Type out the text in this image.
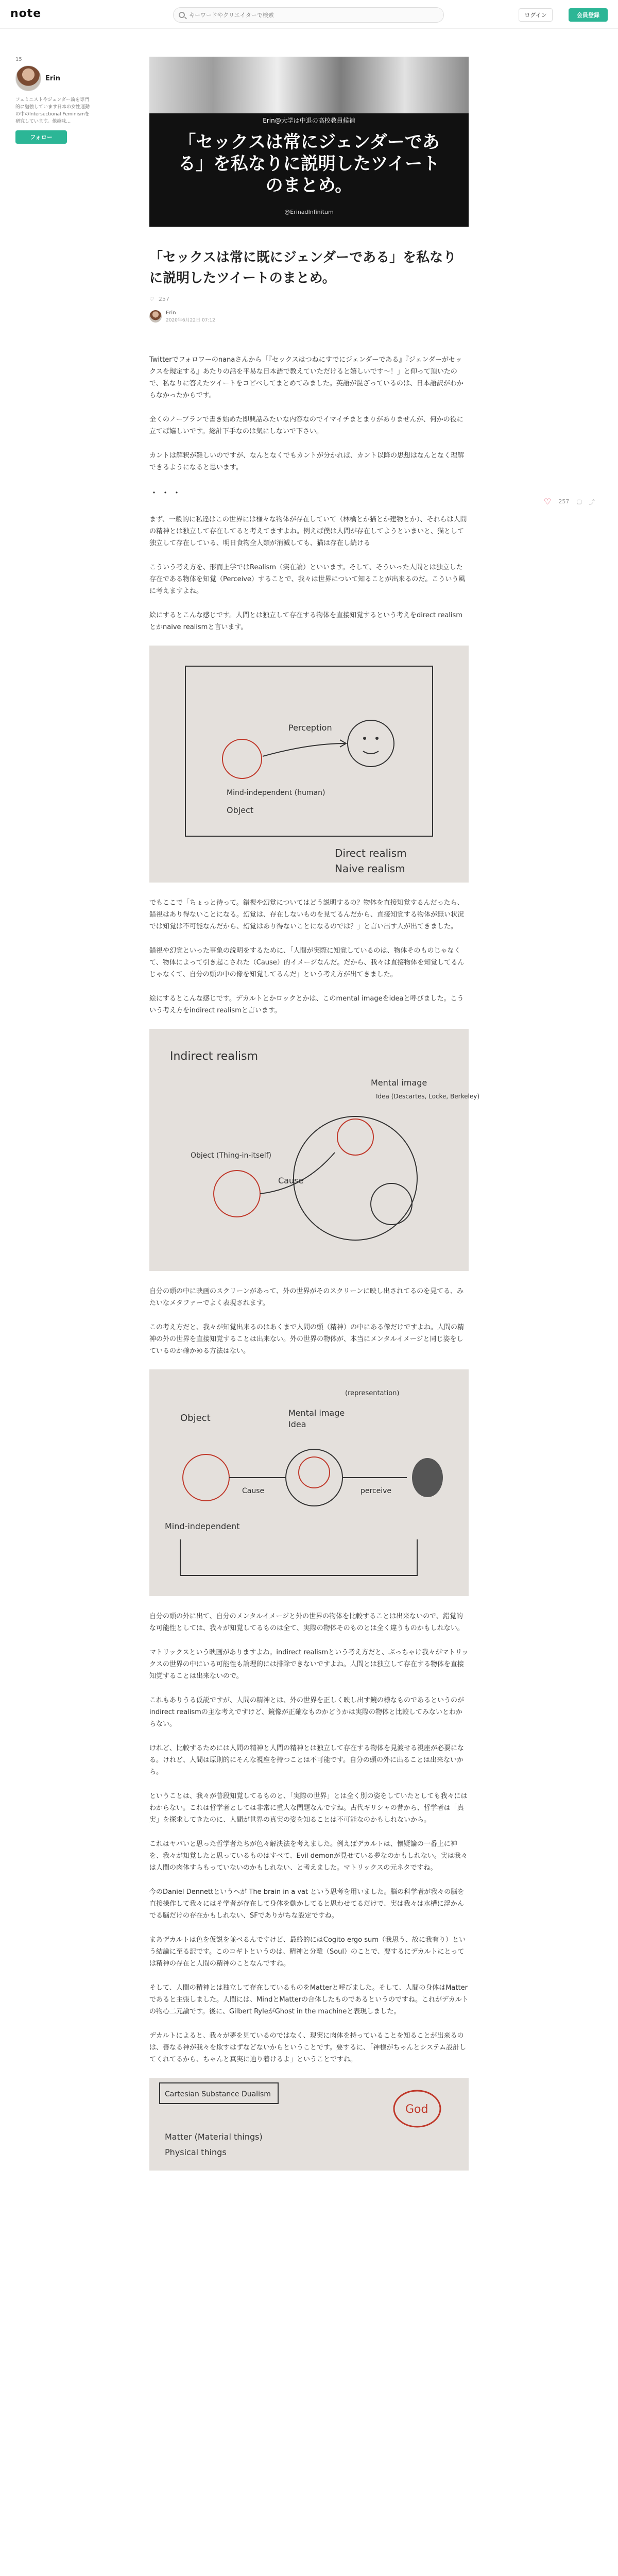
note
キーワードやクリエイターで検索	ログイン	会員登録
15
Erin
フェミニストやジェンダー論を専門的に勉強しています日本の女性運動の中のIntersectional Feminismを研究しています。他趣味…
フォロー
♡ 257 ▢ ⤴
Erin@大学は中退の高校教員候補
「セックスは常にジェンダーである」を私なりに説明したツイートのまとめ。
@ErinadInfinitum
「セックスは常に既にジェンダーである」を私なりに説明したツイートのまとめ。
♡ 257
Erin
2020年6月22日 07:12

Twitterでフォロワーのnanaさんから「『セックスはつねにすでにジェンダーである』『ジェンダーがセックスを規定する』あたりの話を平易な日本語で教えていただけると嬉しいです〜！」と仰って頂いたので、私なりに答えたツイートをコピペしてまとめてみました。英語が混ざっているのは、日本語訳がわからなかったからです。

全くのノープランで書き始めた即興話みたいな内容なのでイマイチまとまりがありませんが、何かの役に立てば嬉しいです。総計下手なのは気にしないで下さい。

カントは解釈が難しいのですが、なんとなくでもカントが分かれば、カント以降の思想はなんとなく理解できるようになると思います。

・・・

まず、一般的に私達はこの世界には様々な物体が存在していて（林檎とか猫とか建物とか）、それらは人間の精神とは独立して存在してると考えてますよね。例えば僕は人間が存在してようといまいと、猫として独立して存在している、明日食物全人類が消滅しても、猫は存在し続ける

こういう考え方を、形而上学ではRealism（実在論）といいます。そして、そういった人間とは独立した存在である物体を知覚（Perceive）することで、我々は世界について知ることが出来るのだ。こういう風に考えますよね。

絵にするとこんな感じです。人間とは独立して存在する物体を直接知覚するという考えをdirect realismとかnaive realismと言います。

Perception
Mind-independent (human)
Object
Direct realism
Naive realism

でもここで「ちょっと待って。錯視や幻覚についてはどう説明するの？物体を直接知覚するんだったら、錯視はあり得ないことになる。幻覚は、存在しないものを見てるんだから、直接知覚する物体が無い状況では知覚は不可能なんだから、幻覚はあり得ないことになるのでは？」と言い出す人が出てきました。

錯視や幻覚といった事象の説明をするために、「人間が実際に知覚しているのは、物体そのものじゃなくて、物体によって引き起こされた（Cause）的イメージなんだ。だから、我々は直接物体を知覚してるんじゃなくて、自分の頭の中の像を知覚してるんだ」という考え方が出てきました。

絵にするとこんな感じです。デカルトとかロックとかは、このmental imageをideaと呼びました。こういう考え方をindirect realismと言います。

Indirect realism
Mental image
Idea (Descartes, Locke, Berkeley)
Object (Thing-in-itself)
Cause

自分の頭の中に映画のスクリーンがあって、外の世界がそのスクリーンに映し出されてるのを見てる、みたいなメタファーでよく表現されます。

この考え方だと、我々が知覚出来るのはあくまで人間の頭（精神）の中にある像だけですよね。人間の精神の外の世界を直接知覚することは出来ない。外の世界の物体が、本当にメンタルイメージと同じ姿をしているのか確かめる方法はない。

(representation)
Object	Mental image
Idea
Cause	perceive
Mind-independent

自分の頭の外に出て、自分のメンタルイメージと外の世界の物体を比較することは出来ないので、錯覚的な可能性としては、我々が知覚してるものは全て、実際の物体そのものとは全く違うものかもしれない。

マトリックスという映画がありますよね。indirect realismという考え方だと、ぶっちゃけ我々がマトリックスの世界の中にいる可能性も論理的には排除できないですよね。人間とは独立して存在する物体を直接知覚することは出来ないので。

これもありうる仮説ですが、人間の精神とは、外の世界を正しく映し出す鏡の様なものであるというのがindirect realismの主な考えですけど、鏡像が正確なものかどうかは実際の物体と比較してみないとわからない。

けれど、比較するためには人間の精神と人間の精神とは独立して存在する物体を見渡せる視座が必要になる。けれど、人間は原則的にそんな視座を持つことは不可能です。自分の頭の外に出ることは出来ないから。

ということは、我々が普段知覚してるものと、「実際の世界」とは全く別の姿をしていたとしても我々にはわからない。これは哲学者としては非常に重大な問題なんですね。古代ギリシャの昔から、哲学者は「真実」を探求してきたのに、人間が世界の真実の姿を知ることは不可能なのかもしれないから。

これはヤバいと思った哲学者たちが色々解決法を考えました。例えばデカルトは、懐疑論の一番上に神を、我々が知覚したと思っているものはすべて、Evil demonが見せている夢なのかもしれない。実は我々は人間の肉体すらもっていないのかもしれない、と考えました。マトリックスの元ネタですね。

今のDaniel Dennettというヘが The brain in a vat という思考を用いました。脳の科学者が我々の脳を直接操作して我々にはそ学者が存在して身体を動かしてると思わせてるだけで、実は我々は水槽に浮かんでる脳だけの存在かもしれない、SFでありがちな設定ですね。

まあデカルトは色を仮説を並べるんですけど、最終的にはCogito ergo sum（我思う、故に我有り）という結論に至る訳です。このコギトというのは、精神と分離（Soul）のことで、要するにデカルトにとっては精神の存在と人間の精神のことなんですね。

そして、人間の精神とは独立して存在しているものをMatterと呼びました。そして、人間の身体はMatterであると主張しました。人間には、MindとMatterの合体したものであるというのですね。これがデカルトの物心二元論です。後に、Gilbert RyleがGhost in the machineと表現しました。

デカルトによると、我々が夢を見ているのではなく、現実に肉体を持っていることを知ることが出来るのは、善なる神が我々を欺すはずなどないからということです。要するに、「神様がちゃんとシステム設計してくれてるから、ちゃんと真実に辿り着けるよ」ということですね。

Cartesian Substance Dualism
God
Matter (Material things)
Physical things
